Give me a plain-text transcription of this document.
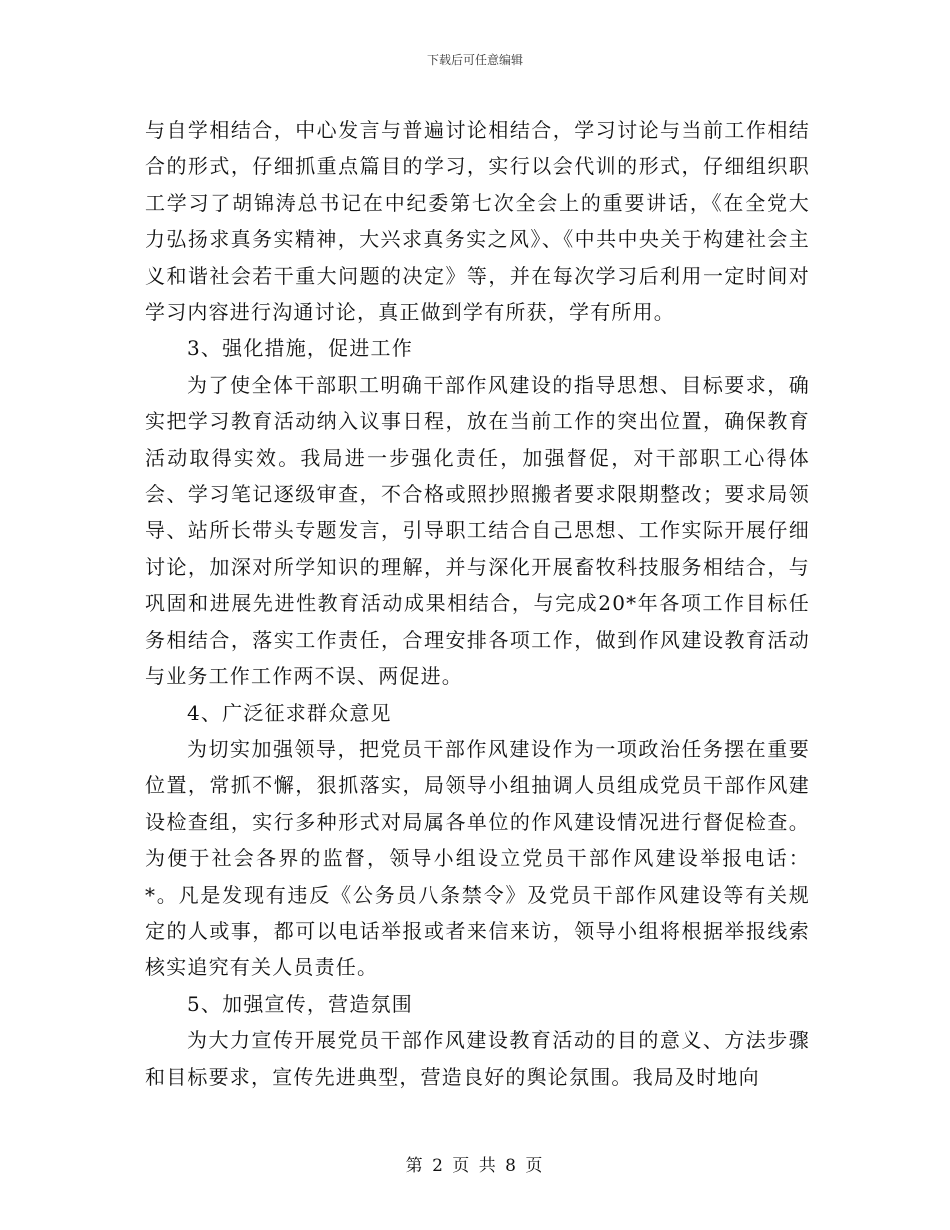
下载后可任意编辑

与自学相结合，中心发言与普遍讨论相结合，学习讨论与当前工作相结合的形式，仔细抓重点篇目的学习，实行以会代训的形式，仔细组织职工学习了胡锦涛总书记在中纪委第七次全会上的重要讲话，《在全党大力弘扬求真务实精神，大兴求真务实之风》、《中共中央关于构建社会主义和谐社会若干重大问题的决定》等，并在每次学习后利用一定时间对学习内容进行沟通讨论，真正做到学有所获，学有所用。

3、强化措施，促进工作

为了使全体干部职工明确干部作风建设的指导思想、目标要求，确实把学习教育活动纳入议事日程，放在当前工作的突出位置，确保教育活动取得实效。我局进一步强化责任，加强督促，对干部职工心得体会、学习笔记逐级审查，不合格或照抄照搬者要求限期整改；要求局领导、站所长带头专题发言，引导职工结合自己思想、工作实际开展仔细讨论，加深对所学知识的理解，并与深化开展畜牧科技服务相结合，与巩固和进展先进性教育活动成果相结合，与完成20*年各项工作目标任务相结合，落实工作责任，合理安排各项工作，做到作风建设教育活动与业务工作工作两不误、两促进。

4、广泛征求群众意见

为切实加强领导，把党员干部作风建设作为一项政治任务摆在重要位置，常抓不懈，狠抓落实，局领导小组抽调人员组成党员干部作风建设检查组，实行多种形式对局属各单位的作风建设情况进行督促检查。为便于社会各界的监督，领导小组设立党员干部作风建设举报电话：*。凡是发现有违反《公务员八条禁令》及党员干部作风建设等有关规定的人或事，都可以电话举报或者来信来访，领导小组将根据举报线索核实追究有关人员责任。

5、加强宣传，营造氛围

为大力宣传开展党员干部作风建设教育活动的目的意义、方法步骤和目标要求，宣传先进典型，营造良好的舆论氛围。我局及时地向

第 2 页 共 8 页
